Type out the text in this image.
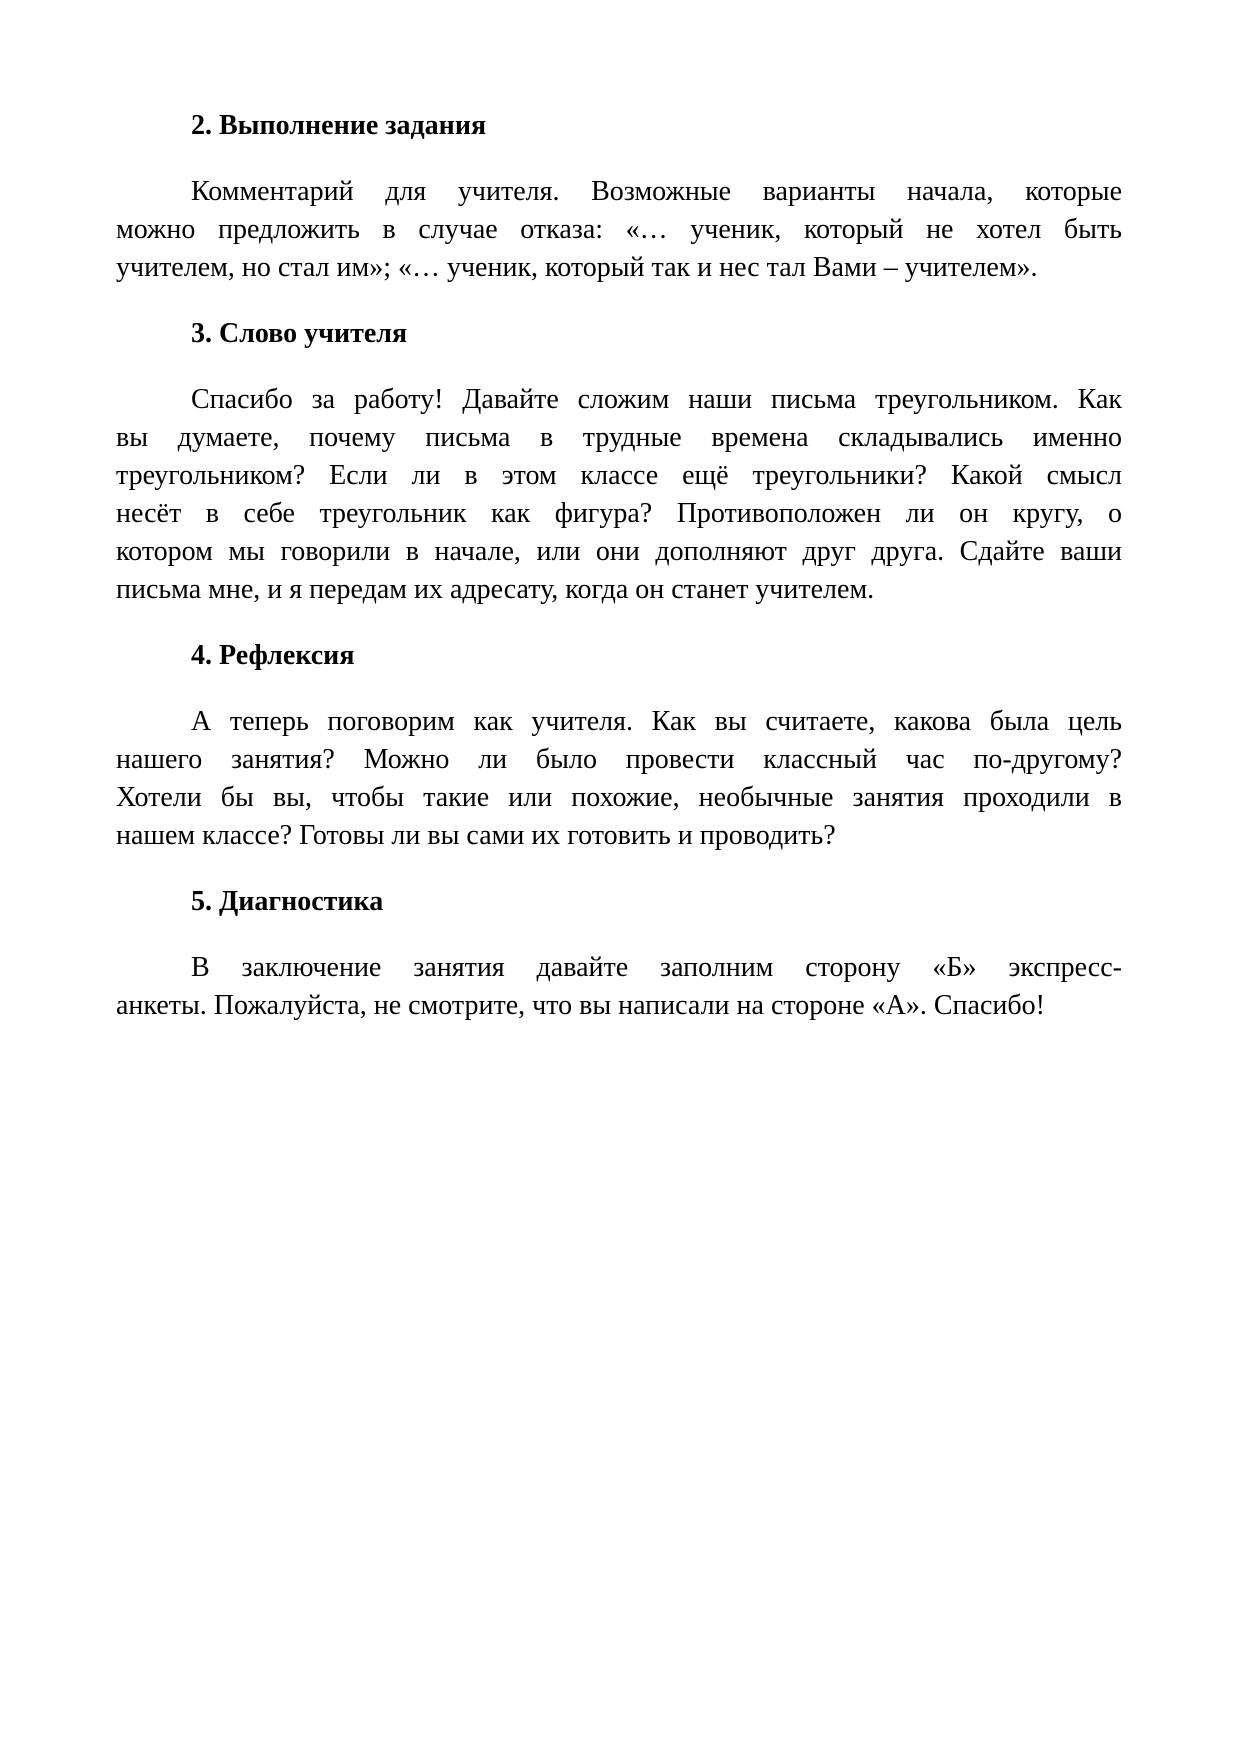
2. Выполнение задания
Комментарий для учителя. Возможные варианты начала, которые
можно предложить в случае отказа: «… ученик, который не хотел быть
учителем, но стал им»; «… ученик, который так и нес тал Вами – учителем».
3. Слово учителя
Спасибо за работу! Давайте сложим наши письма треугольником. Как
вы думаете, почему письма в трудные времена складывались именно
треугольником? Если ли в этом классе ещё треугольники? Какой смысл
несёт в себе треугольник как фигура? Противоположен ли он кругу, о
котором мы говорили в начале, или они дополняют друг друга. Сдайте ваши
письма мне, и я передам их адресату, когда он станет учителем.
4. Рефлексия
А теперь поговорим как учителя. Как вы считаете, какова была цель
нашего занятия? Можно ли было провести классный час по-другому?
Хотели бы вы, чтобы такие или похожие, необычные занятия проходили в
нашем классе? Готовы ли вы сами их готовить и проводить?
5. Диагностика
В заключение занятия давайте заполним сторону «Б» экспресс-
анкеты. Пожалуйста, не смотрите, что вы написали на стороне «А». Спасибо!
